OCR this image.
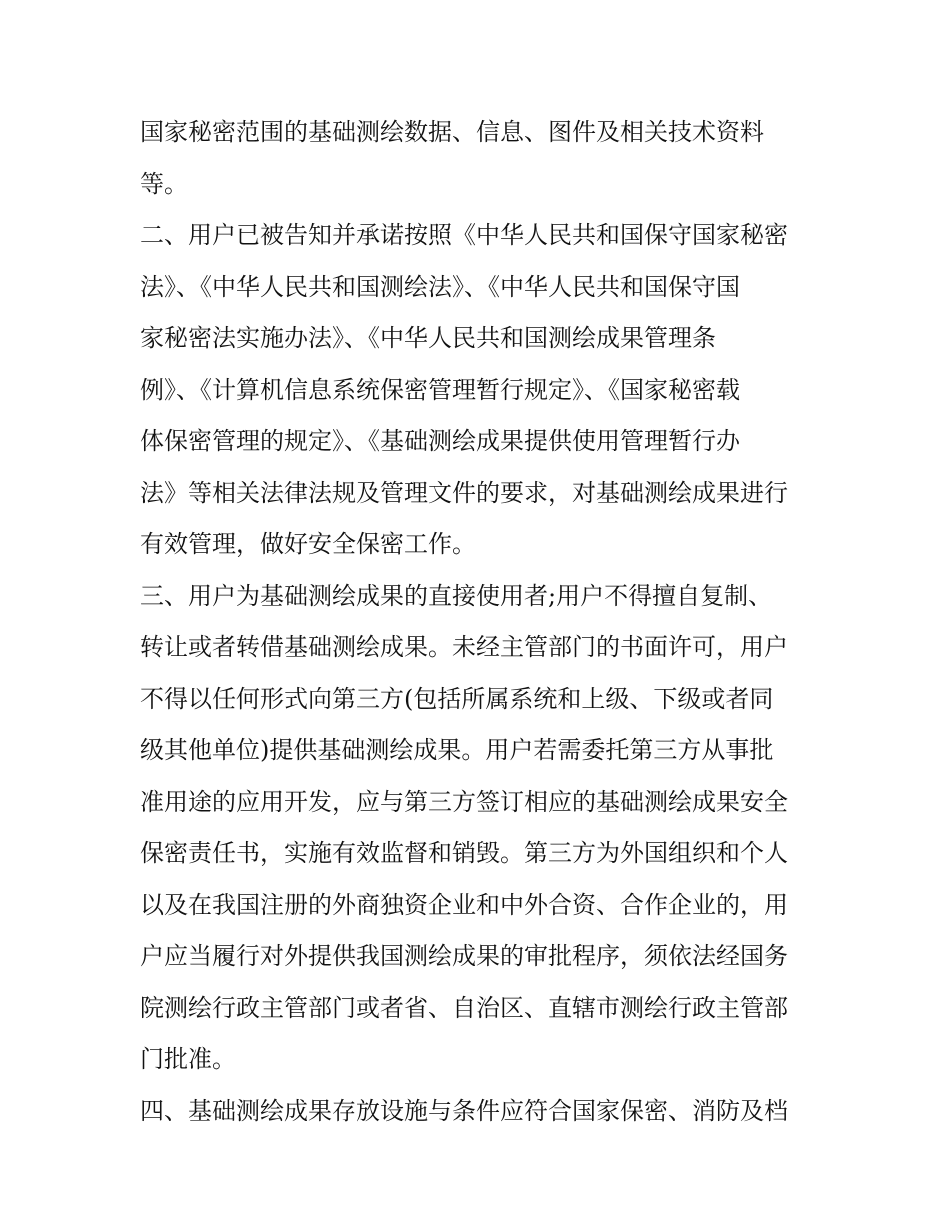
国家秘密范围的基础测绘数据、信息、图件及相关技术资料
等。
二、用户已被告知并承诺按照《中华人民共和国保守国家秘密
法》、《中华人民共和国测绘法》、《中华人民共和国保守国
家秘密法实施办法》、《中华人民共和国测绘成果管理条
例》、《计算机信息系统保密管理暂行规定》、《国家秘密载
体保密管理的规定》、《基础测绘成果提供使用管理暂行办
法》等相关法律法规及管理文件的要求，对基础测绘成果进行
有效管理，做好安全保密工作。
三、用户为基础测绘成果的直接使用者;用户不得擅自复制、
转让或者转借基础测绘成果。未经主管部门的书面许可，用户
不得以任何形式向第三方(包括所属系统和上级、下级或者同
级其他单位)提供基础测绘成果。用户若需委托第三方从事批
准用途的应用开发，应与第三方签订相应的基础测绘成果安全
保密责任书，实施有效监督和销毁。第三方为外国组织和个人
以及在我国注册的外商独资企业和中外合资、合作企业的，用
户应当履行对外提供我国测绘成果的审批程序，须依法经国务
院测绘行政主管部门或者省、自治区、直辖市测绘行政主管部
门批准。
四、基础测绘成果存放设施与条件应符合国家保密、消防及档
